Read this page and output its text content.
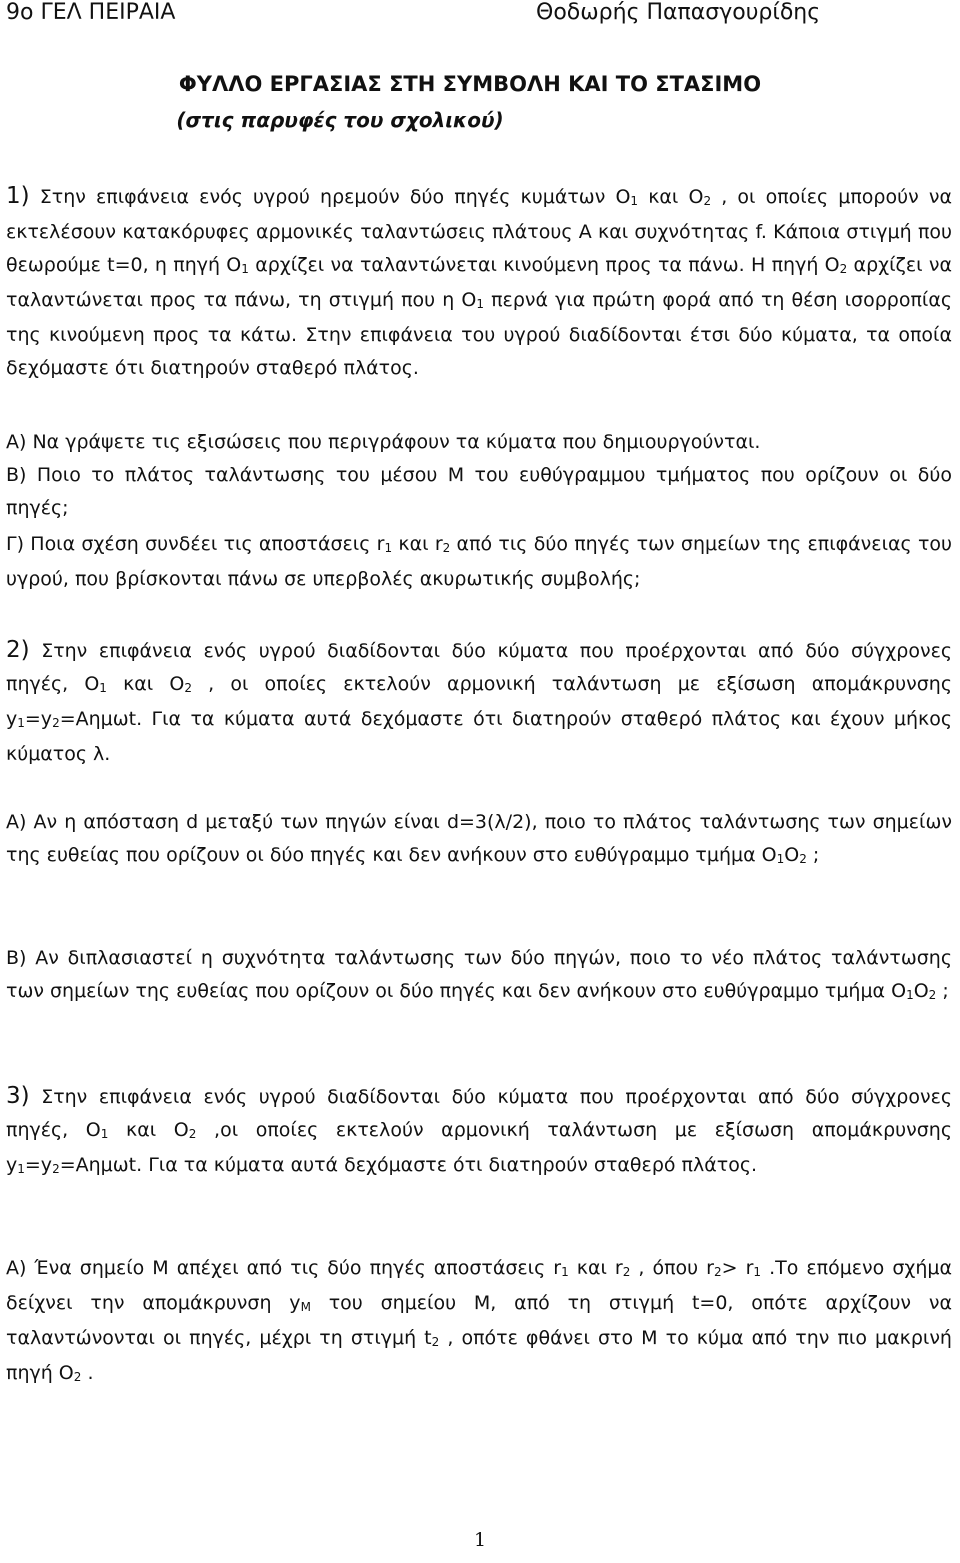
9ο ΓΕΛ ΠΕΙΡΑΙΑ	Θοδωρής Παπασγουρίδης
ΦΥΛΛΟ ΕΡΓΑΣΙΑΣ ΣΤΗ ΣΥΜΒΟΛΗ ΚΑΙ ΤΟ ΣΤΑΣΙΜΟ
(στις παρυφές του σχολικού)
1) Στην επιφάνεια ενός υγρού ηρεμούν δύο πηγές κυμάτων $O_1$ και $O_2$ , οι οποίες μπορούν να εκτελέσουν κατακόρυφες αρμονικές ταλαντώσεις πλάτους A και συχνότητας f. Κάποια στιγμή που θεωρούμε t=0, η πηγή $O_1$ αρχίζει να ταλαντώνεται κινούμενη προς τα πάνω. Η πηγή $O_2$ αρχίζει να ταλαντώνεται προς τα πάνω, τη στιγμή που η $O_1$ περνά για πρώτη φορά από τη θέση ισορροπίας της κινούμενη προς τα κάτω. Στην επιφάνεια του υγρού διαδίδονται έτσι δύο κύματα, τα οποία δεχόμαστε ότι διατηρούν σταθερό πλάτος.
Α) Να γράψετε τις εξισώσεις που περιγράφουν τα κύματα που δημιουργούνται.
Β) Ποιο το πλάτος ταλάντωσης του μέσου Μ του ευθύγραμμου τμήματος που ορίζουν οι δύο πηγές;
Γ) Ποια σχέση συνδέει τις αποστάσεις $r_1$ και $r_2$ από τις δύο πηγές των σημείων της επιφάνειας του υγρού, που βρίσκονται πάνω σε υπερβολές ακυρωτικής συμβολής;
2) Στην επιφάνεια ενός υγρού διαδίδονται δύο κύματα που προέρχονται από δύο σύγχρονες πηγές, $O_1$ και $O_2$ , οι οποίες εκτελούν αρμονική ταλάντωση με εξίσωση απομάκρυνσης $y_1=y_2=A\eta\mu\omega t$. Για τα κύματα αυτά δεχόμαστε ότι διατηρούν σταθερό πλάτος και έχουν μήκος κύματος λ.
Α) Αν η απόσταση d μεταξύ των πηγών είναι d=3(λ/2), ποιο το πλάτος ταλάντωσης των σημείων της ευθείας που ορίζουν οι δύο πηγές και δεν ανήκουν στο ευθύγραμμο τμήμα $O_1O_2$ ;
Β) Αν διπλασιαστεί η συχνότητα ταλάντωσης των δύο πηγών, ποιο το νέο πλάτος ταλάντωσης των σημείων της ευθείας που ορίζουν οι δύο πηγές και δεν ανήκουν στο ευθύγραμμο τμήμα $O_1O_2$ ;
3) Στην επιφάνεια ενός υγρού διαδίδονται δύο κύματα που προέρχονται από δύο σύγχρονες πηγές, $O_1$ και $O_2$ ,οι οποίες εκτελούν αρμονική ταλάντωση με εξίσωση απομάκρυνσης $y_1=y_2=A\eta\mu\omega t$. Για τα κύματα αυτά δεχόμαστε ότι διατηρούν σταθερό πλάτος.
Α) Ένα σημείο Μ απέχει από τις δύο πηγές αποστάσεις $r_1$ και $r_2$ , όπου $r_2> r_1$ .Το επόμενο σχήμα δείχνει την απομάκρυνση $y_M$ του σημείου Μ, από τη στιγμή t=0, οπότε αρχίζουν να ταλαντώνονται οι πηγές, μέχρι τη στιγμή $t_2$ , οπότε φθάνει στο Μ το κύμα από την πιο μακρινή πηγή $O_2$ .
1
